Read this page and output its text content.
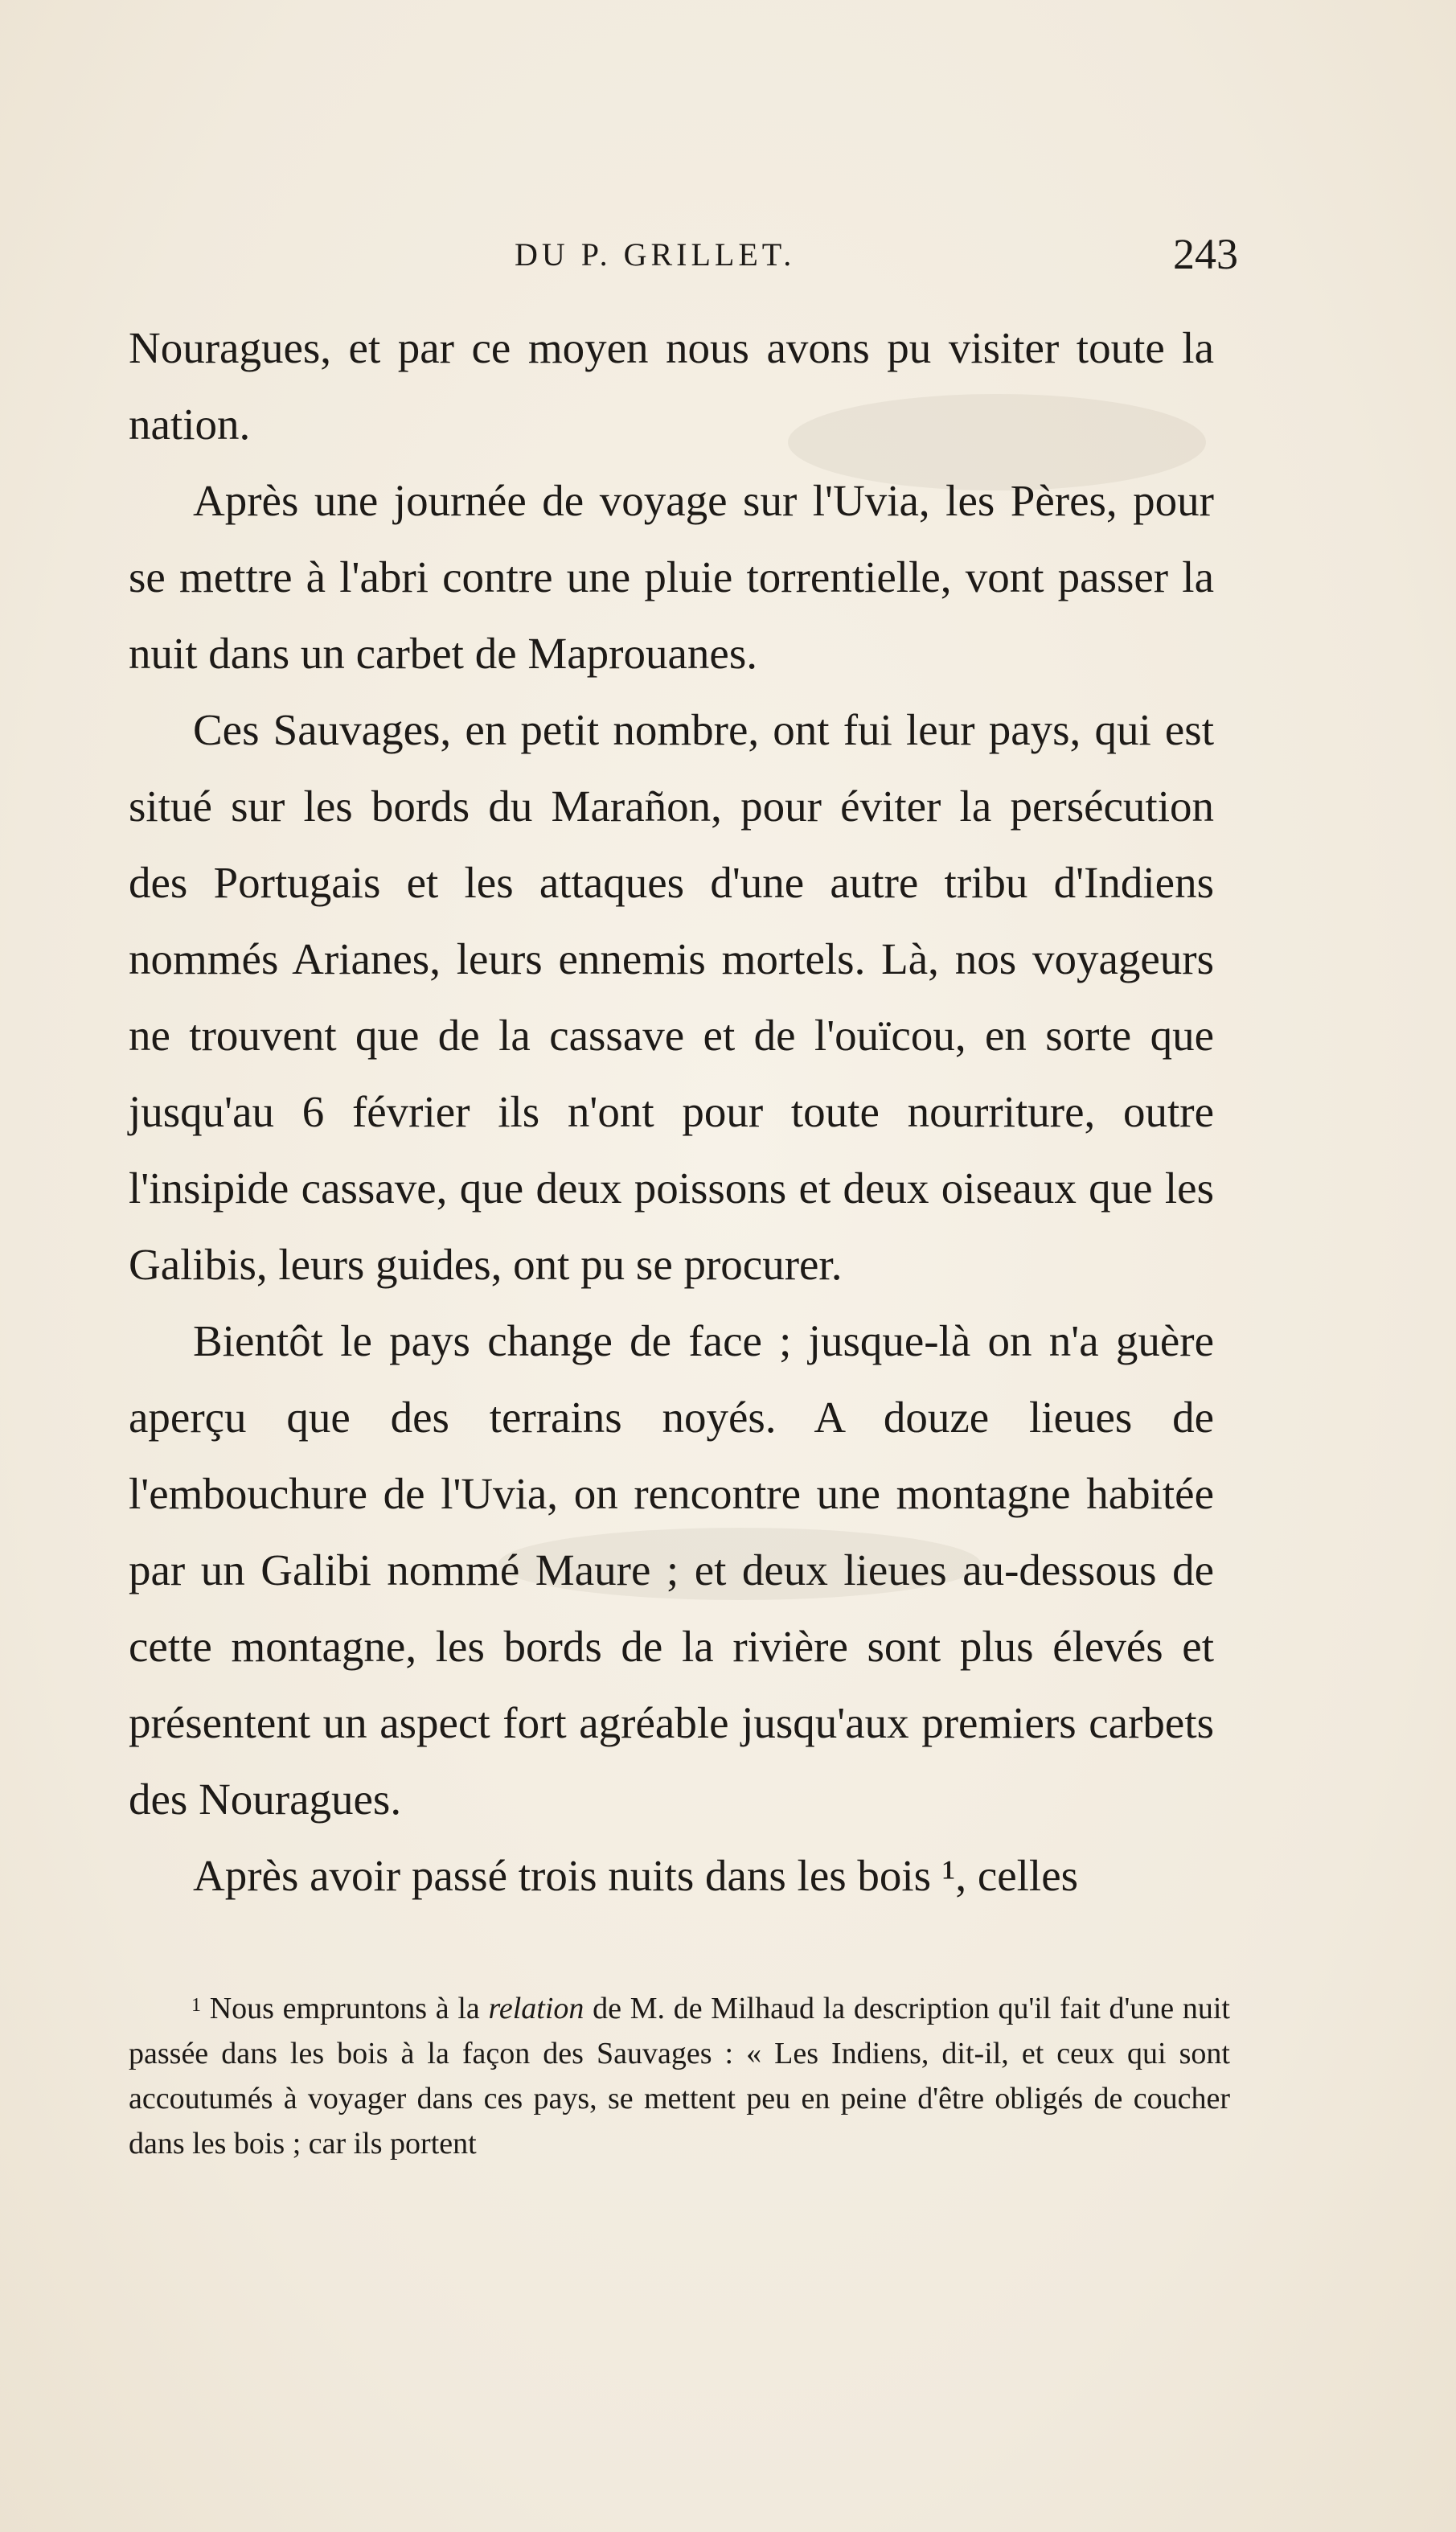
DU P. GRILLET.	243

Nouragues, et par ce moyen nous avons pu visiter toute la nation.

Après une journée de voyage sur l'Uvia, les Pères, pour se mettre à l'abri contre une pluie torrentielle, vont passer la nuit dans un carbet de Maprouanes.

Ces Sauvages, en petit nombre, ont fui leur pays, qui est situé sur les bords du Marañon, pour éviter la persécution des Portugais et les attaques d'une autre tribu d'Indiens nommés Arianes, leurs ennemis mortels. Là, nos voyageurs ne trouvent que de la cassave et de l'ouïcou, en sorte que jusqu'au 6 février ils n'ont pour toute nourriture, outre l'insipide cassave, que deux poissons et deux oiseaux que les Galibis, leurs guides, ont pu se procurer.

Bientôt le pays change de face ; jusque-là on n'a guère aperçu que des terrains noyés. A douze lieues de l'embouchure de l'Uvia, on rencontre une montagne habitée par un Galibi nommé Maure ; et deux lieues au-dessous de cette montagne, les bords de la rivière sont plus élevés et présentent un aspect fort agréable jusqu'aux premiers carbets des Nouragues.

Après avoir passé trois nuits dans les bois ¹, celles

$^1$ Nous empruntons à la relation de M. de Milhaud la description qu'il fait d'une nuit passée dans les bois à la façon des Sauvages : « Les Indiens, dit-il, et ceux qui sont accoutumés à voyager dans ces pays, se mettent peu en peine d'être obligés de coucher dans les bois ; car ils portent
